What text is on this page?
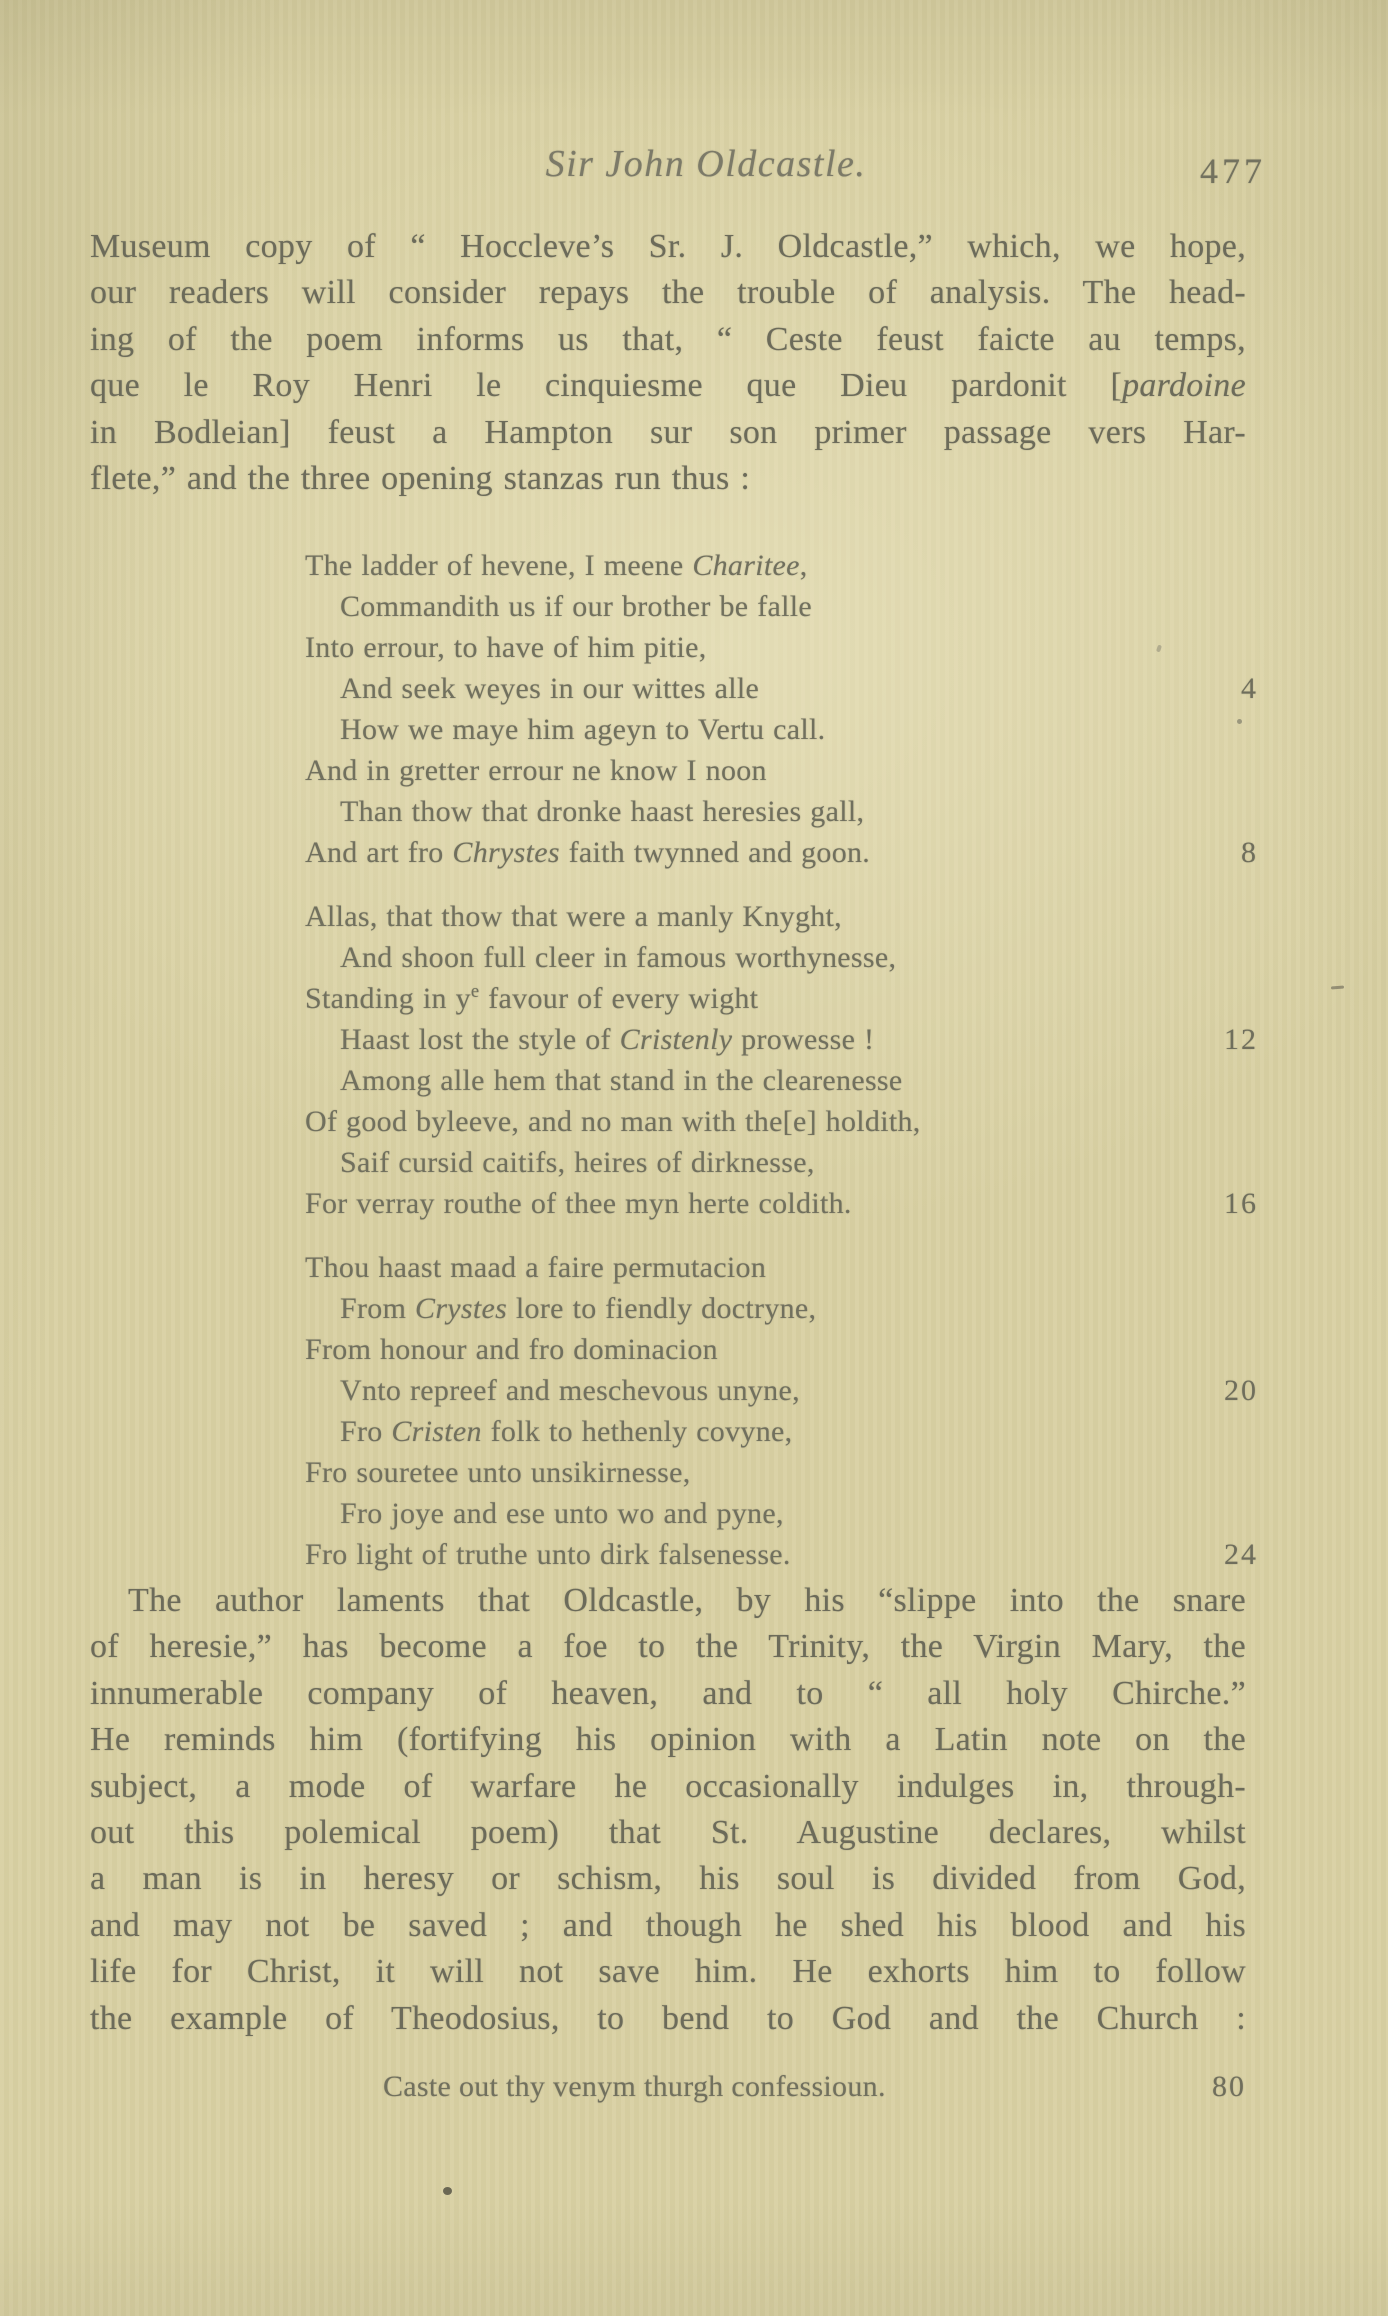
Sir John Oldcastle.	477
Museum copy of “ Hoccleve’s Sr. J. Oldcastle,” which, we hope,
our readers will consider repays the trouble of analysis. The head-
ing of the poem informs us that, “ Ceste feust faicte au temps,
que le Roy Henri le cinquiesme que Dieu pardonit [pardoine
in Bodleian] feust a Hampton sur son primer passage vers Har-
flete,” and the three opening stanzas run thus :
The ladder of hevene, I meene Charitee,
Commandith us if our brother be falle
Into errour, to have of him pitie,
And seek weyes in our wittes alle	4
How we maye him ageyn to Vertu call.
And in gretter errour ne know I noon
Than thow that dronke haast heresies gall,
And art fro Chrystes faith twynned and goon.	8
Allas, that thow that were a manly Knyght,
And shoon full cleer in famous worthynesse,
Standing in $y^e$ favour of every wight
Haast lost the style of Cristenly prowesse !	12
Among alle hem that stand in the clearenesse
Of good byleeve, and no man with the[e] holdith,
Saif cursid caitifs, heires of dirknesse,
For verray routhe of thee myn herte coldith.	16
Thou haast maad a faire permutacion
From Crystes lore to fiendly doctryne,
From honour and fro dominacion
Vnto repreef and meschevous unyne,	20
Fro Cristen folk to hethenly covyne,
Fro souretee unto unsikirnesse,
Fro joye and ese unto wo and pyne,
Fro light of truthe unto dirk falsenesse.	24
The author laments that Oldcastle, by his “slippe into the snare
of heresie,” has become a foe to the Trinity, the Virgin Mary, the
innumerable company of heaven, and to “ all holy Chirche.”
He reminds him (fortifying his opinion with a Latin note on the
subject, a mode of warfare he occasionally indulges in, through-
out this polemical poem) that St. Augustine declares, whilst
a man is in heresy or schism, his soul is divided from God,
and may not be saved ; and though he shed his blood and his
life for Christ, it will not save him. He exhorts him to follow
the example of Theodosius, to bend to God and the Church :
Caste out thy venym thurgh confessioun.	80
